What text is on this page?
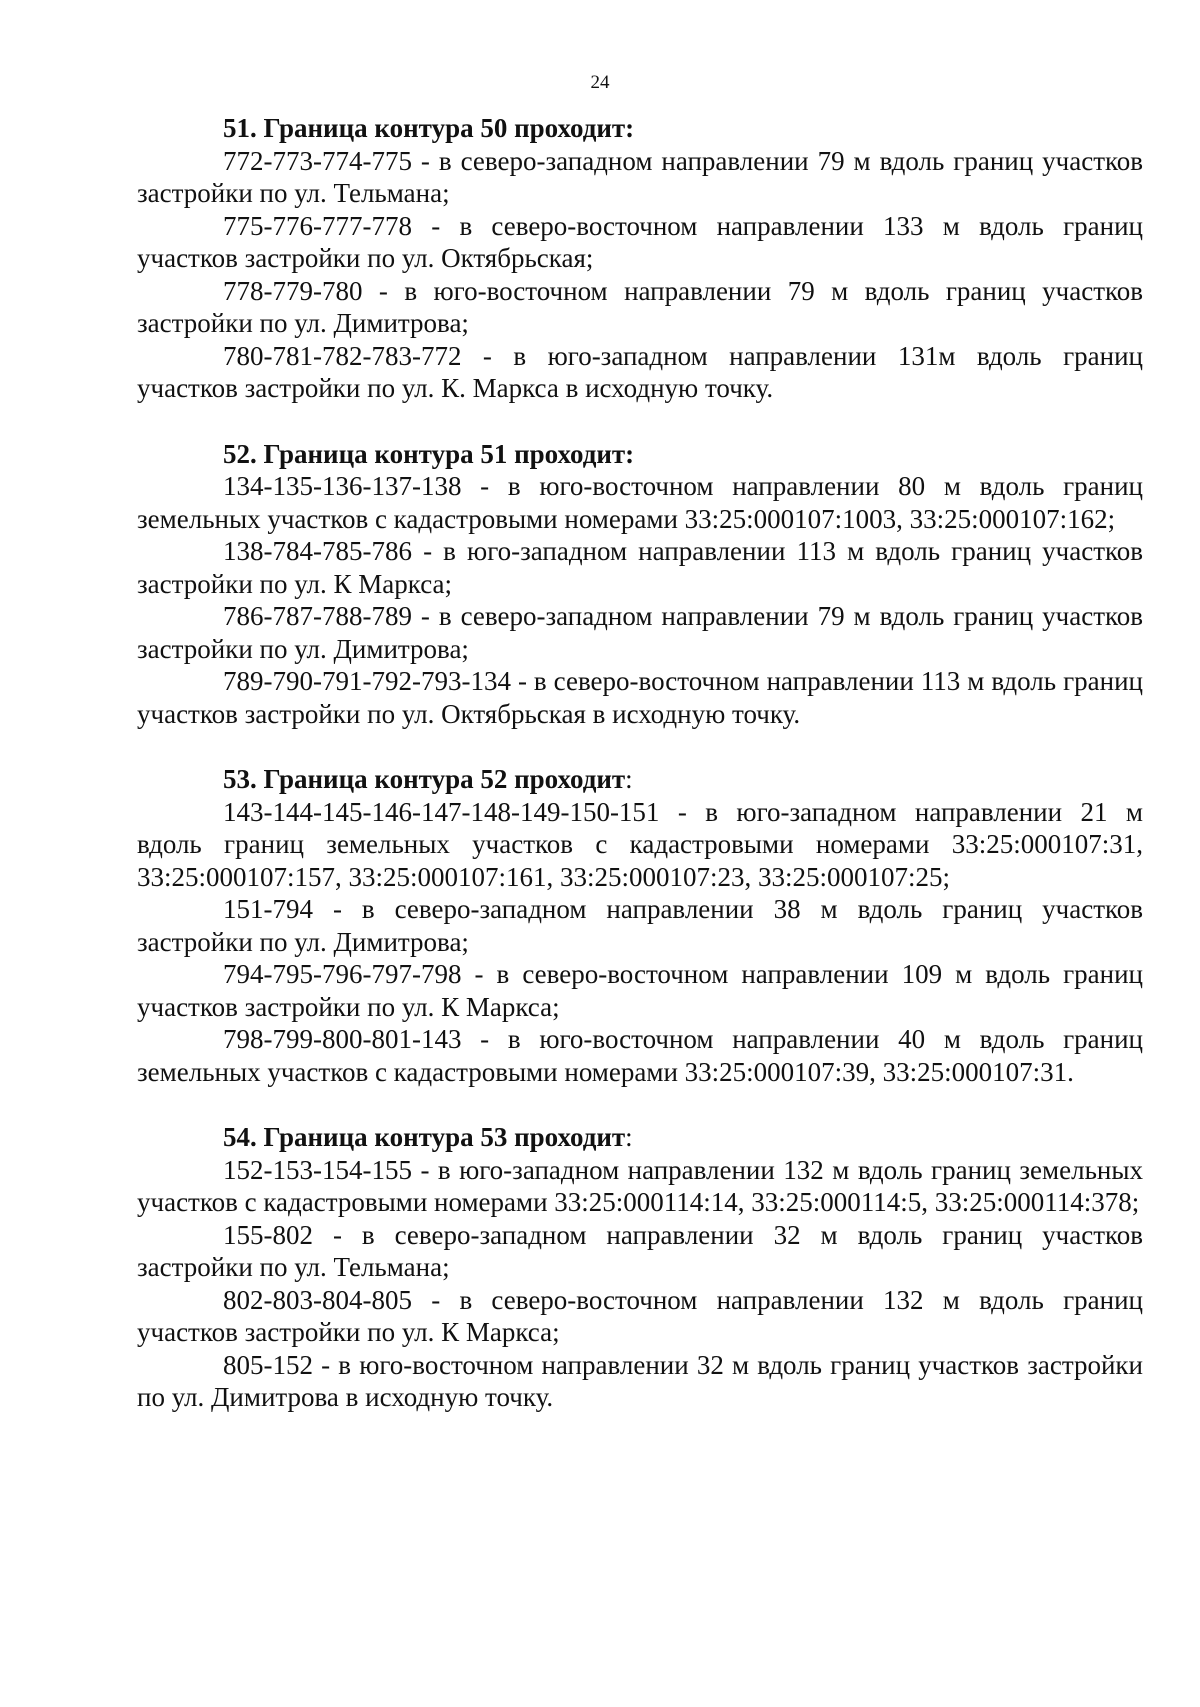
24
51. Граница контура 50 проходит:
772-773-774-775 - в северо-западном направлении 79 м вдоль границ участков застройки по ул. Тельмана;
775-776-777-778 - в северо-восточном направлении 133 м вдоль границ участков застройки по ул. Октябрьская;
778-779-780 - в юго-восточном направлении 79 м вдоль границ участков застройки по ул. Димитрова;
780-781-782-783-772 - в юго-западном направлении 131м вдоль границ участков застройки по ул. К. Маркса в исходную точку.
52. Граница контура 51 проходит:
134-135-136-137-138 - в юго-восточном направлении 80 м вдоль границ земельных участков с кадастровыми номерами 33:25:000107:1003, 33:25:000107:162;
138-784-785-786 - в юго-западном направлении 113 м вдоль границ участков застройки по ул. К Маркса;
786-787-788-789 - в северо-западном направлении 79 м вдоль границ участков застройки по ул. Димитрова;
789-790-791-792-793-134 - в северо-восточном направлении 113 м вдоль границ участков застройки по ул. Октябрьская в исходную точку.
53. Граница контура 52 проходит:
143-144-145-146-147-148-149-150-151 - в юго-западном направлении 21 м вдоль границ земельных участков с кадастровыми номерами 33:25:000107:31, 33:25:000107:157, 33:25:000107:161, 33:25:000107:23, 33:25:000107:25;
151-794 - в северо-западном направлении 38 м вдоль границ участков застройки по ул. Димитрова;
794-795-796-797-798 - в северо-восточном направлении 109 м вдоль границ участков застройки по ул. К Маркса;
798-799-800-801-143 - в юго-восточном направлении 40 м вдоль границ земельных участков с кадастровыми номерами 33:25:000107:39, 33:25:000107:31.
54. Граница контура 53 проходит:
152-153-154-155 - в юго-западном направлении 132 м вдоль границ земельных участков с кадастровыми номерами 33:25:000114:14, 33:25:000114:5, 33:25:000114:378;
155-802 - в северо-западном направлении 32 м вдоль границ участков застройки по ул. Тельмана;
802-803-804-805 - в северо-восточном направлении 132 м вдоль границ участков застройки по ул. К Маркса;
805-152 - в юго-восточном направлении 32 м вдоль границ участков застройки по ул. Димитрова в исходную точку.
